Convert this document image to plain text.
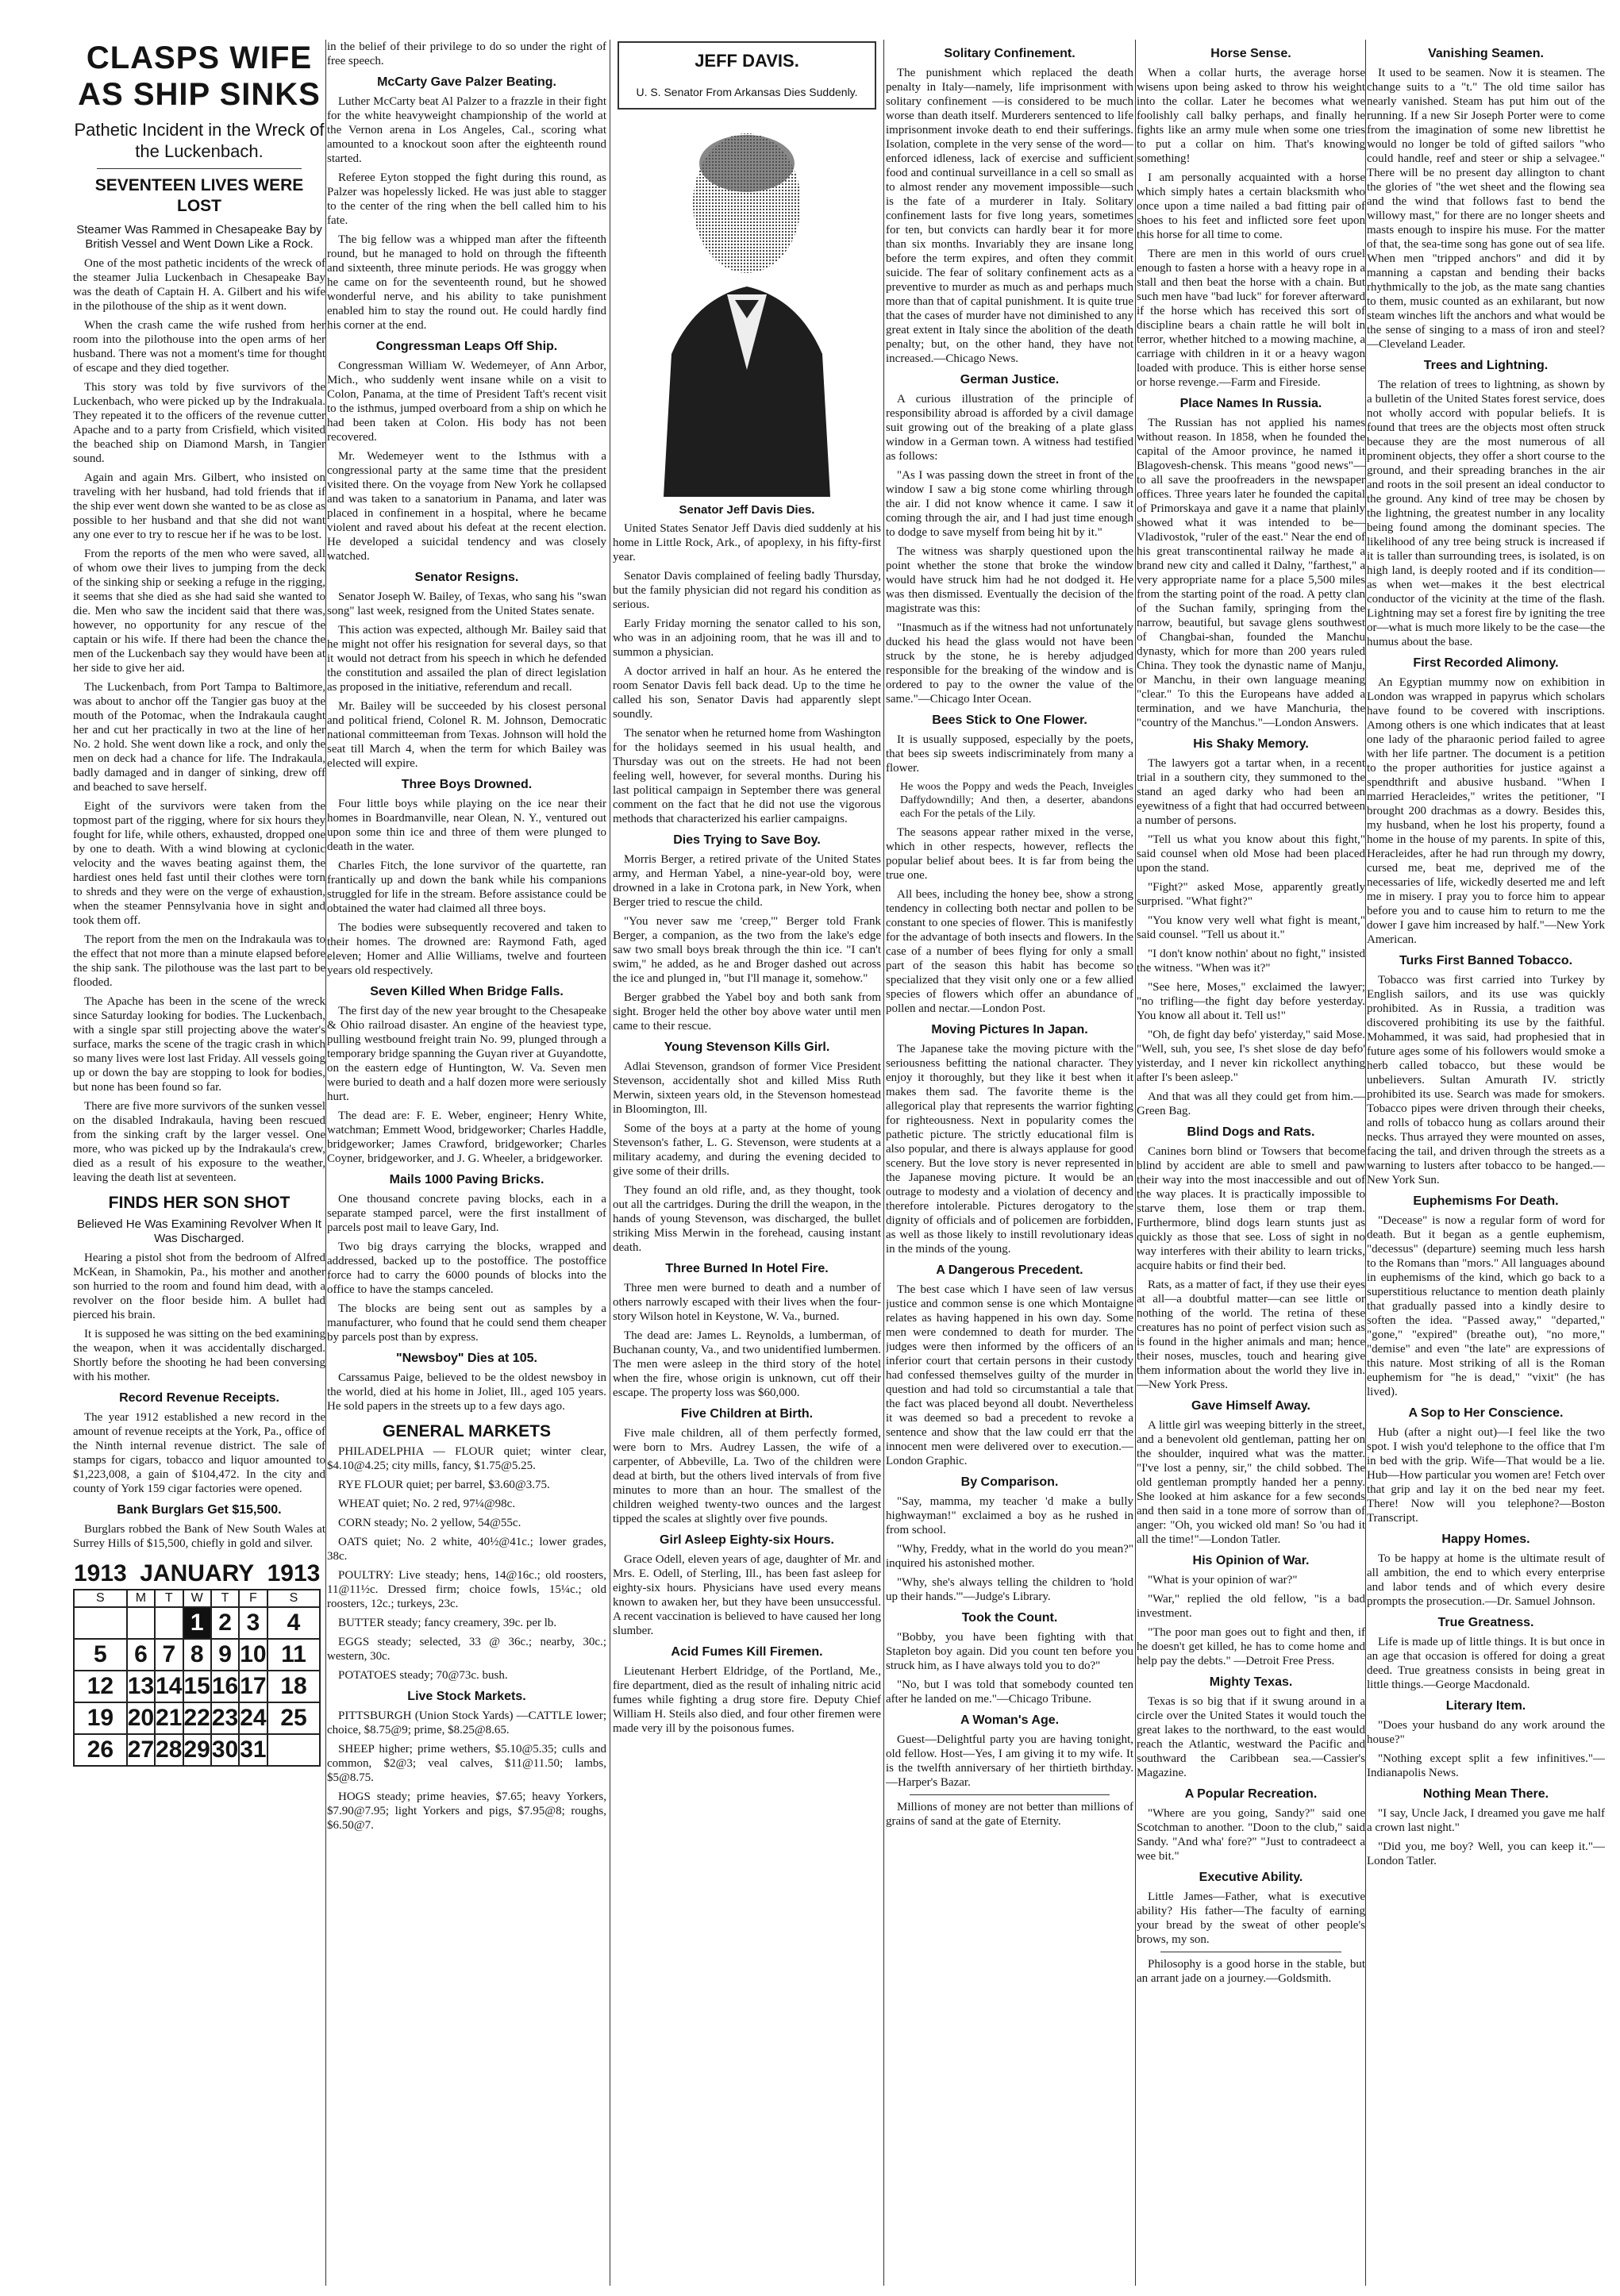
CLASPS WIFE AS SHIP SINKS
Pathetic Incident in the Wreck of the Luckenbach.
SEVENTEEN LIVES WERE LOST
Steamer Was Rammed in Chesapeake Bay by British Vessel and Went Down Like a Rock.

One of the most pathetic incidents of the wreck of the steamer Julia Luckenbach in Chesapeake Bay was the death of Captain H. A. Gilbert and his wife in the pilothouse of the ship as it went down.

When the crash came the wife rushed from her room into the pilothouse into the open arms of her husband. There was not a moment's time for thought of escape and they died together.

This story was told by five survivors of the Luckenbach, who were picked up by the Indrakuala. They repeated it to the officers of the revenue cutter Apache and to a party from Crisfield, which visited the beached ship on Diamond Marsh, in Tangier sound.

Again and again Mrs. Gilbert, who insisted on traveling with her husband, had told friends that if the ship ever went down she wanted to be as close as possible to her husband and that she did not want any one ever to try to rescue her if he was to be lost.

From the reports of the men who were saved, all of whom owe their lives to jumping from the deck of the sinking ship or seeking a refuge in the rigging, it seems that she died as she had said she wanted to die. Men who saw the incident said that there was, however, no opportunity for any rescue of the captain or his wife. If there had been the chance the men of the Luckenbach say they would have been at her side to give her aid.

The Luckenbach, from Port Tampa to Baltimore, was about to anchor off the Tangier gas buoy at the mouth of the Potomac, when the Indrakaula caught her and cut her practically in two at the line of her No. 2 hold. She went down like a rock, and only the men on deck had a chance for life. The Indrakaula, badly damaged and in danger of sinking, drew off and beached to save herself.

Eight of the survivors were taken from the topmost part of the rigging, where for six hours they fought for life, while others, exhausted, dropped one by one to death. With a wind blowing at cyclonic velocity and the waves beating against them, the hardiest ones held fast until their clothes were torn to shreds and they were on the verge of exhaustion, when the steamer Pennsylvania hove in sight and took them off.

The report from the men on the Indrakaula was to the effect that not more than a minute elapsed before the ship sank. The pilothouse was the last part to be flooded.

The Apache has been in the scene of the wreck since Saturday looking for bodies. The Luckenbach, with a single spar still projecting above the water's surface, marks the scene of the tragic crash in which so many lives were lost last Friday. All vessels going up or down the bay are stopping to look for bodies, but none has been found so far.

There are five more survivors of the sunken vessel on the disabled Indrakaula, having been rescued from the sinking craft by the larger vessel. One more, who was picked up by the Indrakaula's crew, died as a result of his exposure to the weather, leaving the death list at seventeen.

FINDS HER SON SHOT
Believed He Was Examining Revolver When It Was Discharged.

Hearing a pistol shot from the bedroom of Alfred McKean, in Shamokin, Pa., his mother and another son hurried to the room and found him dead, with a revolver on the floor beside him. A bullet had pierced his brain.

It is supposed he was sitting on the bed examining the weapon, when it was accidentally discharged. Shortly before the shooting he had been conversing with his mother.

Record Revenue Receipts.

The year 1912 established a new record in the amount of revenue receipts at the York, Pa., office of the Ninth internal revenue district. The sale of stamps for cigars, tobacco and liquor amounted to $1,223,008, a gain of $104,472. In the city and county of York 159 cigar factories were opened.

Bank Burglars Get $15,500.

Burglars robbed the Bank of New South Wales at Surrey Hills of $15,500, chiefly in gold and silver.

1913	JANUARY					1913
S	M	T	W	T	F	S
			1	2	3	4
5	6	7	8	9	10	11
12	13	14	15	16	17	18
19	20	21	22	23	24	25
26	27	28	29	30	31	

in the belief of their privilege to do so under the right of free speech.

McCarty Gave Palzer Beating.

Luther McCarty beat Al Palzer to a frazzle in their fight for the white heavyweight championship of the world at the Vernon arena in Los Angeles, Cal., scoring what amounted to a knockout soon after the eighteenth round started.

Referee Eyton stopped the fight during this round, as Palzer was hopelessly licked. He was just able to stagger to the center of the ring when the bell called him to his fate.

The big fellow was a whipped man after the fifteenth round, but he managed to hold on through the fifteenth and sixteenth, three minute periods. He was groggy when he came on for the seventeenth round, but he showed wonderful nerve, and his ability to take punishment enabled him to stay the round out. He could hardly find his corner at the end.

Congressman Leaps Off Ship.

Congressman William W. Wedemeyer, of Ann Arbor, Mich., who suddenly went insane while on a visit to Colon, Panama, at the time of President Taft's recent visit to the isthmus, jumped overboard from a ship on which he had been taken at Colon. His body has not been recovered.

Mr. Wedemeyer went to the Isthmus with a congressional party at the same time that the president visited there. On the voyage from New York he collapsed and was taken to a sanatorium in Panama, and later was placed in confinement in a hospital, where he became violent and raved about his defeat at the recent election. He developed a suicidal tendency and was closely watched.

Senator Resigns.

Senator Joseph W. Bailey, of Texas, who sang his "swan song" last week, resigned from the United States senate.

This action was expected, although Mr. Bailey said that he might not offer his resignation for several days, so that it would not detract from his speech in which he defended the constitution and assailed the plan of direct legislation as proposed in the initiative, referendum and recall.

Mr. Bailey will be succeeded by his closest personal and political friend, Colonel R. M. Johnson, Democratic national committeeman from Texas. Johnson will hold the seat till March 4, when the term for which Bailey was elected will expire.

Three Boys Drowned.

Four little boys while playing on the ice near their homes in Boardmanville, near Olean, N. Y., ventured out upon some thin ice and three of them were plunged to death in the water.

Charles Fitch, the lone survivor of the quartette, ran frantically up and down the bank while his companions struggled for life in the stream. Before assistance could be obtained the water had claimed all three boys.

The bodies were subsequently recovered and taken to their homes. The drowned are: Raymond Fath, aged eleven; Homer and Allie Williams, twelve and fourteen years old respectively.

Seven Killed When Bridge Falls.

The first day of the new year brought to the Chesapeake & Ohio railroad disaster. An engine of the heaviest type, pulling westbound freight train No. 99, plunged through a temporary bridge spanning the Guyan river at Guyandotte, on the eastern edge of Huntington, W. Va. Seven men were buried to death and a half dozen more were seriously hurt.

The dead are: F. E. Weber, engineer; Henry White, watchman; Emmett Wood, bridgeworker; Charles Haddle, bridgeworker; James Crawford, bridgeworker; Charles Coyner, bridgeworker, and J. G. Wheeler, a bridgeworker.

Mails 1000 Paving Bricks.

One thousand concrete paving blocks, each in a separate stamped parcel, were the first installment of parcels post mail to leave Gary, Ind.

Two big drays carrying the blocks, wrapped and addressed, backed up to the postoffice. The postoffice force had to carry the 6000 pounds of blocks into the office to have the stamps canceled.

The blocks are being sent out as samples by a manufacturer, who found that he could send them cheaper by parcels post than by express.

"Newsboy" Dies at 105.

Carssamus Paige, believed to be the oldest newsboy in the world, died at his home in Joliet, Ill., aged 105 years. He sold papers in the streets up to a few days ago.

GENERAL MARKETS

PHILADELPHIA — FLOUR quiet; winter clear, $4.10@4.25; city mills, fancy, $1.75@5.25.

RYE FLOUR quiet; per barrel, $3.60@3.75.

WHEAT quiet; No. 2 red, 97¼@98c.

CORN steady; No. 2 yellow, 54@55c.

OATS quiet; No. 2 white, 40½@41c.; lower grades, 38c.

POULTRY: Live steady; hens, 14@16c.; old roosters, 11@11½c. Dressed firm; choice fowls, 15¼c.; old roosters, 12c.; turkeys, 23c.

BUTTER steady; fancy creamery, 39c. per lb.

EGGS steady; selected, 33 @ 36c.; nearby, 30c.; western, 30c.

POTATOES steady; 70@73c. bush.

Live Stock Markets.

PITTSBURGH (Union Stock Yards) —CATTLE lower; choice, $8.75@9; prime, $8.25@8.65.

SHEEP higher; prime wethers, $5.10@5.35; culls and common, $2@3; veal calves, $11@11.50; lambs, $5@8.75.

HOGS steady; prime heavies, $7.65; heavy Yorkers, $7.90@7.95; light Yorkers and pigs, $7.95@8; roughs, $6.50@7.

JEFF DAVIS.
U. S. Senator From Arkansas Dies Suddenly.
Senator Jeff Davis Dies.

United States Senator Jeff Davis died suddenly at his home in Little Rock, Ark., of apoplexy, in his fifty-first year.

Senator Davis complained of feeling badly Thursday, but the family physician did not regard his condition as serious.

Early Friday morning the senator called to his son, who was in an adjoining room, that he was ill and to summon a physician.

A doctor arrived in half an hour. As he entered the room Senator Davis fell back dead. Up to the time he called his son, Senator Davis had apparently slept soundly.

The senator when he returned home from Washington for the holidays seemed in his usual health, and Thursday was out on the streets. He had not been feeling well, however, for several months. During his last political campaign in September there was general comment on the fact that he did not use the vigorous methods that characterized his earlier campaigns.

Dies Trying to Save Boy.

Morris Berger, a retired private of the United States army, and Herman Yabel, a nine-year-old boy, were drowned in a lake in Crotona park, in New York, when Berger tried to rescue the child.

"You never saw me 'creep,'" Berger told Frank Berger, a companion, as the two from the lake's edge saw two small boys break through the thin ice. "I can't swim," he added, as he and Broger dashed out across the ice and plunged in, "but I'll manage it, somehow."

Berger grabbed the Yabel boy and both sank from sight. Broger held the other boy above water until men came to their rescue.

Young Stevenson Kills Girl.

Adlai Stevenson, grandson of former Vice President Stevenson, accidentally shot and killed Miss Ruth Merwin, sixteen years old, in the Stevenson homestead in Bloomington, Ill.

Some of the boys at a party at the home of young Stevenson's father, L. G. Stevenson, were students at a military academy, and during the evening decided to give some of their drills.

They found an old rifle, and, as they thought, took out all the cartridges. During the drill the weapon, in the hands of young Stevenson, was discharged, the bullet striking Miss Merwin in the forehead, causing instant death.

Three Burned In Hotel Fire.

Three men were burned to death and a number of others narrowly escaped with their lives when the four-story Wilson hotel in Keystone, W. Va., burned.

The dead are: James L. Reynolds, a lumberman, of Buchanan county, Va., and two unidentified lumbermen. The men were asleep in the third story of the hotel when the fire, whose origin is unknown, cut off their escape. The property loss was $60,000.

Five Children at Birth.

Five male children, all of them perfectly formed, were born to Mrs. Audrey Lassen, the wife of a carpenter, of Abbeville, La. Two of the children were dead at birth, but the others lived intervals of from five minutes to more than an hour. The smallest of the children weighed twenty-two ounces and the largest tipped the scales at slightly over five pounds.

Girl Asleep Eighty-six Hours.

Grace Odell, eleven years of age, daughter of Mr. and Mrs. E. Odell, of Sterling, Ill., has been fast asleep for eighty-six hours. Physicians have used every means known to awaken her, but they have been unsuccessful. A recent vaccination is believed to have caused her long slumber.

Acid Fumes Kill Firemen.

Lieutenant Herbert Eldridge, of the Portland, Me., fire department, died as the result of inhaling nitric acid fumes while fighting a drug store fire. Deputy Chief William H. Steils also died, and four other firemen were made very ill by the poisonous fumes.

Solitary Confinement.

The punishment which replaced the death penalty in Italy—namely, life imprisonment with solitary confinement —is considered to be much worse than death itself. Murderers sentenced to life imprisonment invoke death to end their sufferings. Isolation, complete in the very sense of the word—enforced idleness, lack of exercise and sufficient food and continual surveillance in a cell so small as to almost render any movement impossible—such is the fate of a murderer in Italy. Solitary confinement lasts for five long years, sometimes for ten, but convicts can hardly bear it for more than six months. Invariably they are insane long before the term expires, and often they commit suicide. The fear of solitary confinement acts as a preventive to murder as much as and perhaps much more than that of capital punishment. It is quite true that the cases of murder have not diminished to any great extent in Italy since the abolition of the death penalty; but, on the other hand, they have not increased.—Chicago News.

German Justice.

A curious illustration of the principle of responsibility abroad is afforded by a civil damage suit growing out of the breaking of a plate glass window in a German town. A witness had testified as follows:

"As I was passing down the street in front of the window I saw a big stone come whirling through the air. I did not know whence it came. I saw it coming through the air, and I had just time enough to dodge to save myself from being hit by it."

The witness was sharply questioned upon the point whether the stone that broke the window would have struck him had he not dodged it. He was then dismissed. Eventually the decision of the magistrate was this:

"Inasmuch as if the witness had not unfortunately ducked his head the glass would not have been struck by the stone, he is hereby adjudged responsible for the breaking of the window and is ordered to pay to the owner the value of the same."—Chicago Inter Ocean.

Bees Stick to One Flower.

It is usually supposed, especially by the poets, that bees sip sweets indiscriminately from many a flower.

He woos the Poppy and weds the Peach, Inveigles Daffydowndilly; And then, a deserter, abandons each For the petals of the Lily.

The seasons appear rather mixed in the verse, which in other respects, however, reflects the popular belief about bees. It is far from being the true one.

All bees, including the honey bee, show a strong tendency in collecting both nectar and pollen to be constant to one species of flower. This is manifestly for the advantage of both insects and flowers. In the case of a number of bees flying for only a small part of the season this habit has become so specialized that they visit only one or a few allied species of flowers which offer an abundance of pollen and nectar.—London Post.

Moving Pictures In Japan.

The Japanese take the moving picture with the seriousness befitting the national character. They enjoy it thoroughly, but they like it best when it makes them sad. The favorite theme is the allegorical play that represents the warrior fighting for righteousness. Next in popularity comes the pathetic picture. The strictly educational film is also popular, and there is always applause for good scenery. But the love story is never represented in the Japanese moving picture. It would be an outrage to modesty and a violation of decency and therefore intolerable. Pictures derogatory to the dignity of officials and of policemen are forbidden, as well as those likely to instill revolutionary ideas in the minds of the young.

A Dangerous Precedent.

The best case which I have seen of law versus justice and common sense is one which Montaigne relates as having happened in his own day. Some men were condemned to death for murder. The judges were then informed by the officers of an inferior court that certain persons in their custody had confessed themselves guilty of the murder in question and had told so circumstantial a tale that the fact was placed beyond all doubt. Nevertheless it was deemed so bad a precedent to revoke a sentence and show that the law could err that the innocent men were delivered over to execution.—London Graphic.

By Comparison.

"Say, mamma, my teacher 'd make a bully highwayman!" exclaimed a boy as he rushed in from school.

"Why, Freddy, what in the world do you mean?" inquired his astonished mother.

"Why, she's always telling the children to 'hold up their hands.'"—Judge's Library.

Took the Count.

"Bobby, you have been fighting with that Stapleton boy again. Did you count ten before you struck him, as I have always told you to do?"

"No, but I was told that somebody counted ten after he landed on me."—Chicago Tribune.

A Woman's Age.

Guest—Delightful party you are having tonight, old fellow. Host—Yes, I am giving it to my wife. It is the twelfth anniversary of her thirtieth birthday.—Harper's Bazar.

Millions of money are not better than millions of grains of sand at the gate of Eternity.

Horse Sense.

When a collar hurts, the average horse wisens upon being asked to throw his weight into the collar. Later he becomes what we foolishly call balky perhaps, and finally he fights like an army mule when some one tries to put a collar on him. That's knowing something!

I am personally acquainted with a horse which simply hates a certain blacksmith who once upon a time nailed a bad fitting pair of shoes to his feet and inflicted sore feet upon this horse for all time to come.

There are men in this world of ours cruel enough to fasten a horse with a heavy rope in a stall and then beat the horse with a chain. But such men have "bad luck" for forever afterward if the horse which has received this sort of discipline bears a chain rattle he will bolt in terror, whether hitched to a mowing machine, a carriage with children in it or a heavy wagon loaded with produce. This is either horse sense or horse revenge.—Farm and Fireside.

Place Names In Russia.

The Russian has not applied his names without reason. In 1858, when he founded the capital of the Amoor province, he named it Blagovesh-chensk. This means "good news"—to all save the proofreaders in the newspaper offices. Three years later he founded the capital of Primorskaya and gave it a name that plainly showed what it was intended to be—Vladivostok, "ruler of the east." Near the end of his great transcontinental railway he made a brand new city and called it Dalny, "farthest," a very appropriate name for a place 5,500 miles from the starting point of the road. A petty clan of the Suchan family, springing from the narrow, beautiful, but savage glens southwest of Changbai-shan, founded the Manchu dynasty, which for more than 200 years ruled China. They took the dynastic name of Manju, or Manchu, in their own language meaning "clear." To this the Europeans have added a termination, and we have Manchuria, the "country of the Manchus."—London Answers.

His Shaky Memory.

The lawyers got a tartar when, in a recent trial in a southern city, they summoned to the stand an aged darky who had been an eyewitness of a fight that had occurred between a number of persons.

"Tell us what you know about this fight," said counsel when old Mose had been placed upon the stand.

"Fight?" asked Mose, apparently greatly surprised. "What fight?"

"You know very well what fight is meant," said counsel. "Tell us about it."

"I don't know nothin' about no fight," insisted the witness. "When was it?"

"See here, Moses," exclaimed the lawyer; "no trifling—the fight day before yesterday. You know all about it. Tell us!"

"Oh, de fight day befo' yisterday," said Mose. "Well, suh, you see, I's shet slose de day befo' yisterday, and I never kin rickollect anything after I's been asleep."

And that was all they could get from him.—Green Bag.

Blind Dogs and Rats.

Canines born blind or Towsers that become blind by accident are able to smell and paw their way into the most inaccessible and out of the way places. It is practically impossible to starve them, lose them or trap them. Furthermore, blind dogs learn stunts just as quickly as those that see. Loss of sight in no way interferes with their ability to learn tricks, acquire habits or find their bed.

Rats, as a matter of fact, if they use their eyes at all—a doubtful matter—can see little or nothing of the world. The retina of these creatures has no point of perfect vision such as is found in the higher animals and man; hence their noses, muscles, touch and hearing give them information about the world they live in.—New York Press.

Gave Himself Away.

A little girl was weeping bitterly in the street, and a benevolent old gentleman, patting her on the shoulder, inquired what was the matter. "I've lost a penny, sir," the child sobbed. The old gentleman promptly handed her a penny. She looked at him askance for a few seconds and then said in a tone more of sorrow than of anger: "Oh, you wicked old man! So 'ou had it all the time!"—London Tatler.

His Opinion of War.

"What is your opinion of war?"

"War," replied the old fellow, "is a bad investment.

"The poor man goes out to fight and then, if he doesn't get killed, he has to come home and help pay the debts." —Detroit Free Press.

Mighty Texas.

Texas is so big that if it swung around in a circle over the United States it would touch the great lakes to the northward, to the east would reach the Atlantic, westward the Pacific and southward the Caribbean sea.—Cassier's Magazine.

A Popular Recreation.

"Where are you going, Sandy?" said one Scotchman to another. "Doon to the club," said Sandy. "And wha' fore?" "Just to contradeect a wee bit."

Executive Ability.

Little James—Father, what is executive ability? His father—The faculty of earning your bread by the sweat of other people's brows, my son.

Philosophy is a good horse in the stable, but an arrant jade on a journey.—Goldsmith.

Vanishing Seamen.

It used to be seamen. Now it is steamen. The change suits to a "t." The old time sailor has nearly vanished. Steam has put him out of the running. If a new Sir Joseph Porter were to come from the imagination of some new librettist he would no longer be told of gifted sailors "who could handle, reef and steer or ship a selvagee." There will be no present day allington to chant the glories of "the wet sheet and the flowing sea and the wind that follows fast to bend the willowy mast," for there are no longer sheets and masts enough to inspire his muse. For the matter of that, the sea-time song has gone out of sea life. When men "tripped anchors" and did it by manning a capstan and bending their backs rhythmically to the job, as the mate sang chanties to them, music counted as an exhilarant, but now steam winches lift the anchors and what would be the sense of singing to a mass of iron and steel?—Cleveland Leader.

Trees and Lightning.

The relation of trees to lightning, as shown by a bulletin of the United States forest service, does not wholly accord with popular beliefs. It is found that trees are the objects most often struck because they are the most numerous of all prominent objects, they offer a short course to the ground, and their spreading branches in the air and roots in the soil present an ideal conductor to the ground. Any kind of tree may be chosen by the lightning, the greatest number in any locality being found among the dominant species. The likelihood of any tree being struck is increased if it is taller than surrounding trees, is isolated, is on high land, is deeply rooted and if its condition—as when wet—makes it the best electrical conductor of the vicinity at the time of the flash. Lightning may set a forest fire by igniting the tree or—what is much more likely to be the case—the humus about the base.

First Recorded Alimony.

An Egyptian mummy now on exhibition in London was wrapped in papyrus which scholars have found to be covered with inscriptions. Among others is one which indicates that at least one lady of the pharaonic period failed to agree with her life partner. The document is a petition to the proper authorities for justice against a spendthrift and abusive husband. "When I married Heracleides," writes the petitioner, "I brought 200 drachmas as a dowry. Besides this, my husband, when he lost his property, found a home in the house of my parents. In spite of this, Heracleides, after he had run through my dowry, cursed me, beat me, deprived me of the necessaries of life, wickedly deserted me and left me in misery. I pray you to force him to appear before you and to cause him to return to me the dower I gave him increased by half."—New York American.

Turks First Banned Tobacco.

Tobacco was first carried into Turkey by English sailors, and its use was quickly prohibited. As in Russia, a tradition was discovered prohibiting its use by the faithful. Mohammed, it was said, had prophesied that in future ages some of his followers would smoke a herb called tobacco, but these would be unbelievers. Sultan Amurath IV. strictly prohibited its use. Search was made for smokers. Tobacco pipes were driven through their cheeks, and rolls of tobacco hung as collars around their necks. Thus arrayed they were mounted on asses, facing the tail, and driven through the streets as a warning to lusters after tobacco to be hanged.—New York Sun.

Euphemisms For Death.

"Decease" is now a regular form of word for death. But it began as a gentle euphemism, "decessus" (departure) seeming much less harsh to the Romans than "mors." All languages abound in euphemisms of the kind, which go back to a superstitious reluctance to mention death plainly that gradually passed into a kindly desire to soften the idea. "Passed away," "departed," "gone," "expired" (breathe out), "no more," "demise" and even "the late" are expressions of this nature. Most striking of all is the Roman euphemism for "he is dead," "vixit" (he has lived).

A Sop to Her Conscience.

Hub (after a night out)—I feel like the two spot. I wish you'd telephone to the office that I'm in bed with the grip. Wife—That would be a lie. Hub—How particular you women are! Fetch over that grip and lay it on the bed near my feet. There! Now will you telephone?—Boston Transcript.

Happy Homes.

To be happy at home is the ultimate result of all ambition, the end to which every enterprise and labor tends and of which every desire prompts the prosecution.—Dr. Samuel Johnson.

True Greatness.

Life is made up of little things. It is but once in an age that occasion is offered for doing a great deed. True greatness consists in being great in little things.—George Macdonald.

Literary Item.

"Does your husband do any work around the house?"

"Nothing except split a few infinitives."—Indianapolis News.

Nothing Mean There.

"I say, Uncle Jack, I dreamed you gave me half a crown last night."

"Did you, me boy? Well, you can keep it."—London Tatler.
